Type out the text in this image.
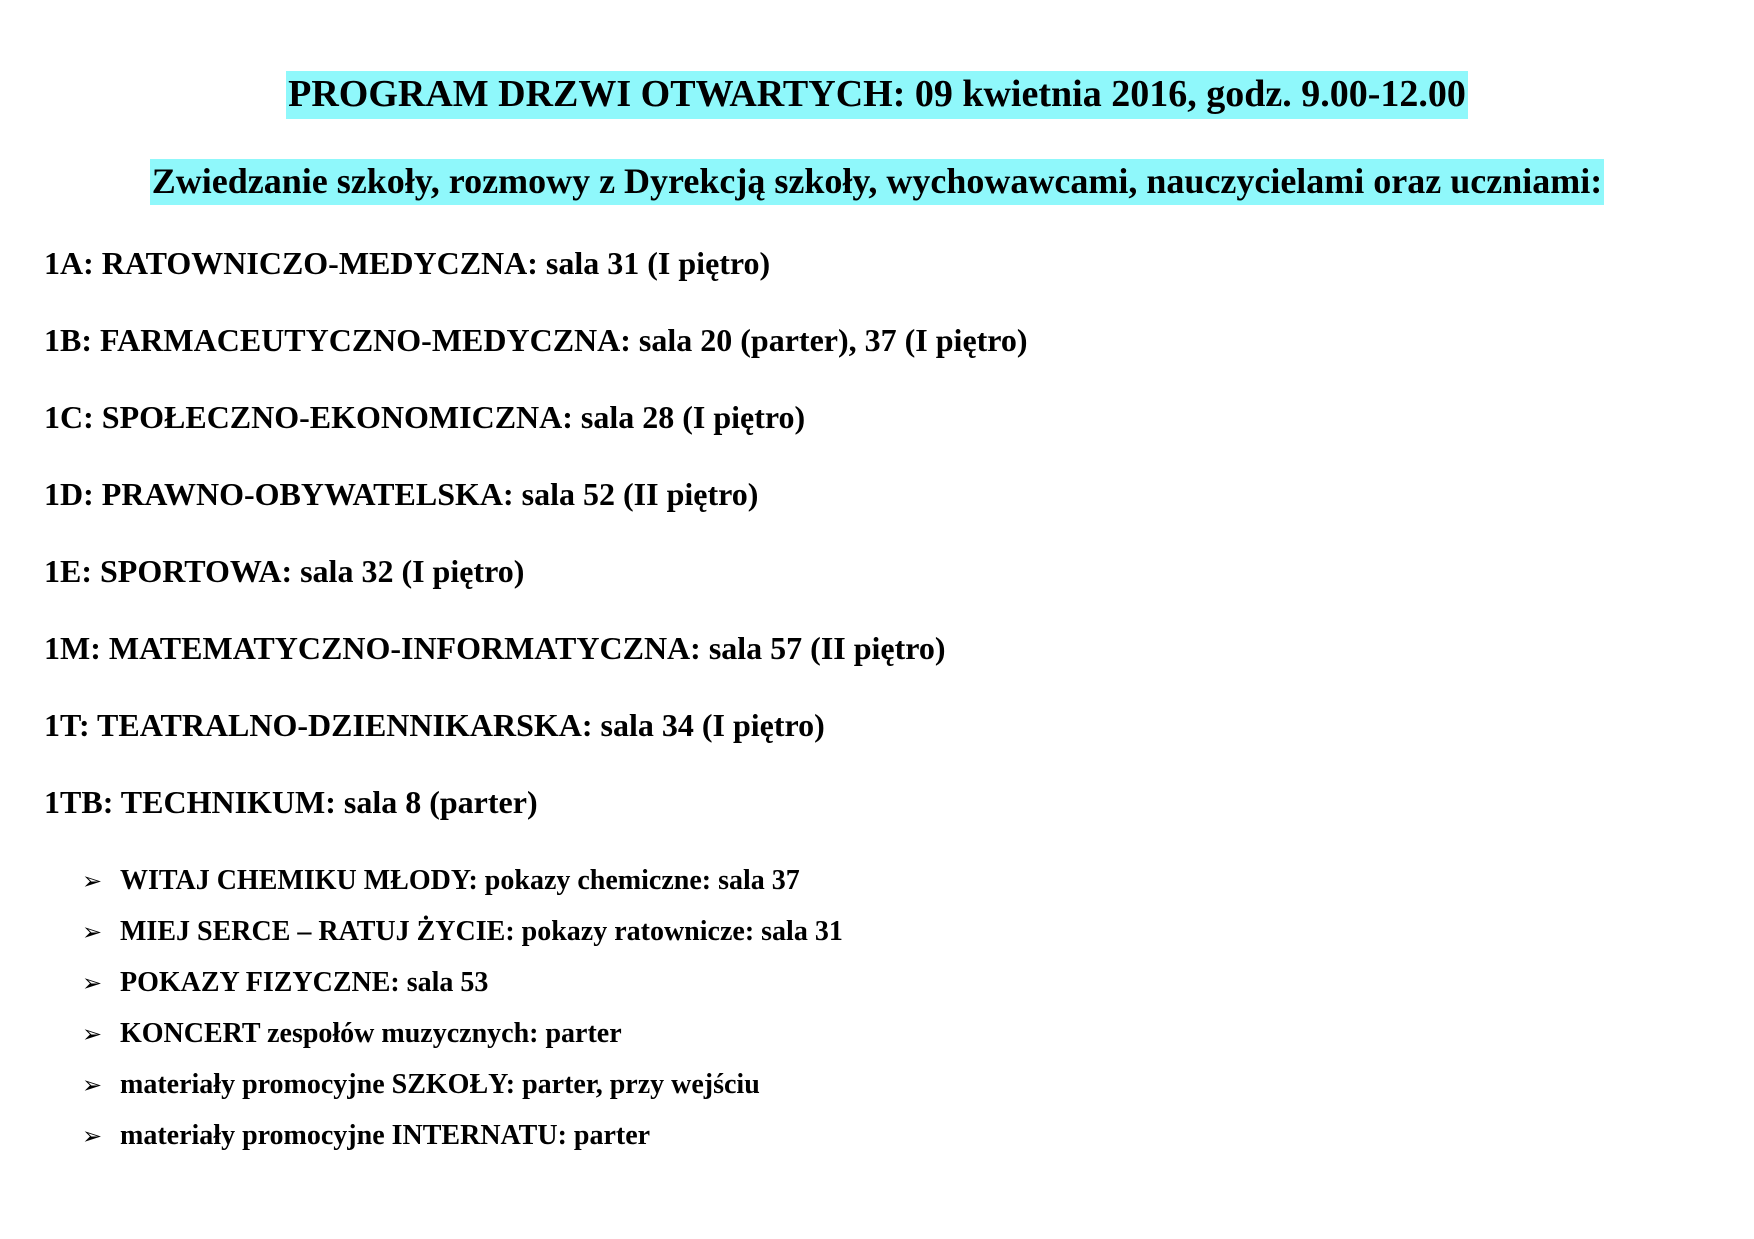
PROGRAM DRZWI OTWARTYCH: 09 kwietnia 2016, godz. 9.00-12.00
Zwiedzanie szkoły, rozmowy z Dyrekcją szkoły, wychowawcami, nauczycielami oraz uczniami:
1A: RATOWNICZO-MEDYCZNA: sala 31 (I piętro)
1B: FARMACEUTYCZNO-MEDYCZNA: sala 20 (parter), 37 (I piętro)
1C: SPOŁECZNO-EKONOMICZNA: sala 28 (I piętro)
1D: PRAWNO-OBYWATELSKA: sala 52 (II piętro)
1E: SPORTOWA: sala 32 (I piętro)
1M: MATEMATYCZNO-INFORMATYCZNA: sala 57 (II piętro)
1T: TEATRALNO-DZIENNIKARSKA: sala 34 (I piętro)
1TB: TECHNIKUM: sala 8 (parter)
➢ WITAJ CHEMIKU MŁODY: pokazy chemiczne: sala 37
➢ MIEJ SERCE – RATUJ ŻYCIE: pokazy ratownicze: sala 31
➢ POKAZY FIZYCZNE: sala 53
➢ KONCERT zespołów muzycznych: parter
➢ materiały promocyjne SZKOŁY: parter, przy wejściu
➢ materiały promocyjne INTERNATU: parter
